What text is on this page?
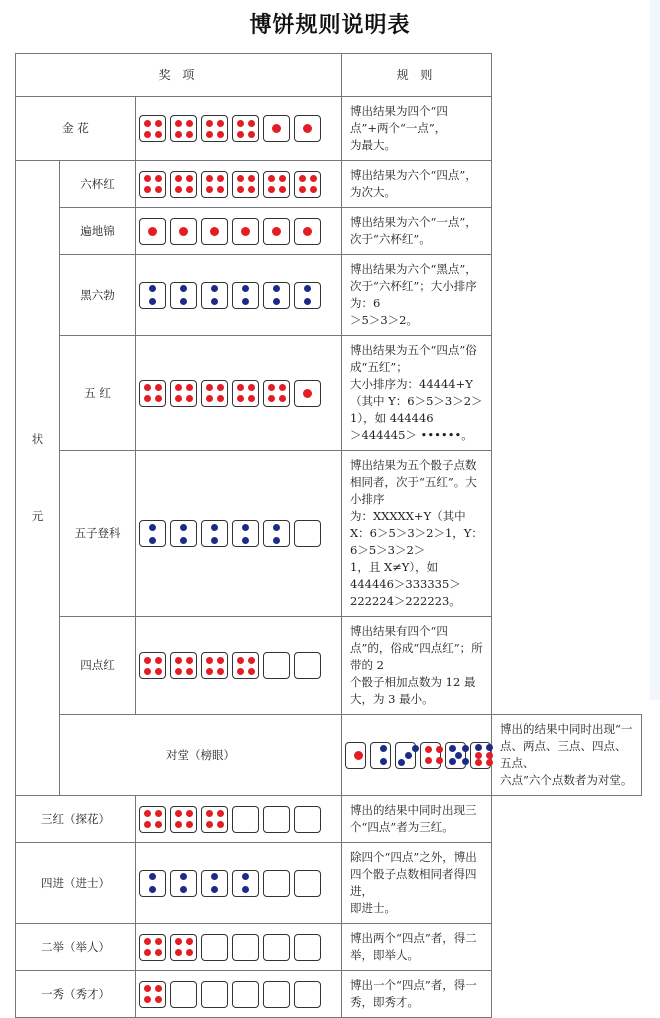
博饼规则说明表
奖 项			规 则	
金 花			博出结果为四个“四点”+两个“一点”，
为最大。	

状
元	六杯红		博出结果为六个“四点”，为次大。	
	遍地锦		博出结果为六个“一点”，次于“六杯红”。	
	黑六勃		博出结果为六个“黑点”，次于“六杯红”；大小排序为：6
＞5＞3＞2。	
	五 红		博出结果为五个“四点”俗成“五红”；
大小排序为：44444+Y（其中 Y：6＞5＞3＞2＞1），如 444446
＞444445＞ ••••••。	
	五子登科		博出结果为五个骰子点数相同者，次于“五红”。大小排序
为：XXXXX+Y（其中 X：6＞5＞3＞2＞1，Y：6＞5＞3＞2＞
1，且 X≠Y），如 444446＞333335＞222224＞222223。	
	四点红		博出结果有四个“四点”的，俗成“四点红”；所带的 2
个骰子相加点数为 12 最大，为 3 最小。	
	对堂（榜眼）			博出的结果中同时出现“一点、两点、三点、四点、五点、
六点”六个点数者为对堂。
三红（探花）			博出的结果中同时出现三个“四点”者为三红。	
四进（进士）			除四个“四点”之外，博出四个骰子点数相同者得四进，
即进士。	
二举（举人）			博出两个“四点”者，得二举，即举人。	
一秀（秀才）			博出一个“四点”者，得一秀，即秀才。	
